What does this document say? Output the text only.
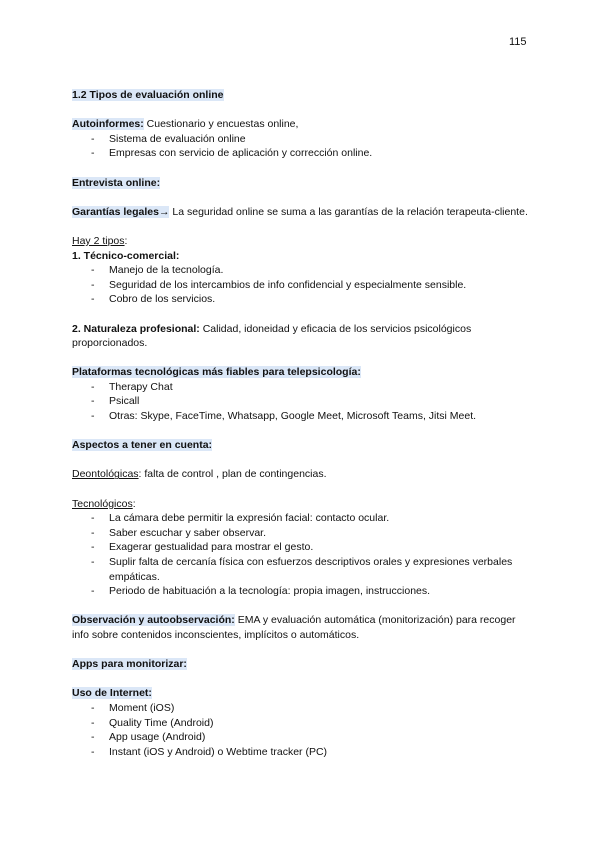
115

1.2 Tipos de evaluación online

Autoinformes: Cuestionario y encuestas online,

- Sistema de evaluación online
- Empresas con servicio de aplicación y corrección online.

Entrevista online:

Garantías legales→ La seguridad online se suma a las garantías de la relación terapeuta-cliente.

Hay 2 tipos:

1. Técnico-comercial:

- Manejo de la tecnología.
- Seguridad de los intercambios de info confidencial y especialmente sensible.
- Cobro de los servicios.

2. Naturaleza profesional: Calidad, idoneidad y eficacia de los servicios psicológicos proporcionados.

Plataformas tecnológicas más fiables para telepsicología:

- Therapy Chat
- Psicall
- Otras: Skype, FaceTime, Whatsapp, Google Meet, Microsoft Teams, Jitsi Meet.

Aspectos a tener en cuenta:

Deontológicas: falta de control , plan de contingencias.

Tecnológicos:

- La cámara debe permitir la expresión facial: contacto ocular.
- Saber escuchar y saber observar.
- Exagerar gestualidad para mostrar el gesto.
- Suplir falta de cercanía física con esfuerzos descriptivos orales y expresiones verbales empáticas.
- Periodo de habituación a la tecnología: propia imagen, instrucciones.

Observación y autoobservación: EMA y evaluación automática (monitorización) para recoger info sobre contenidos inconscientes, implícitos o automáticos.

Apps para monitorizar:

Uso de Internet:

- Moment (iOS)
- Quality Time (Android)
- App usage (Android)
- Instant (iOS y Android) o Webtime tracker (PC)
